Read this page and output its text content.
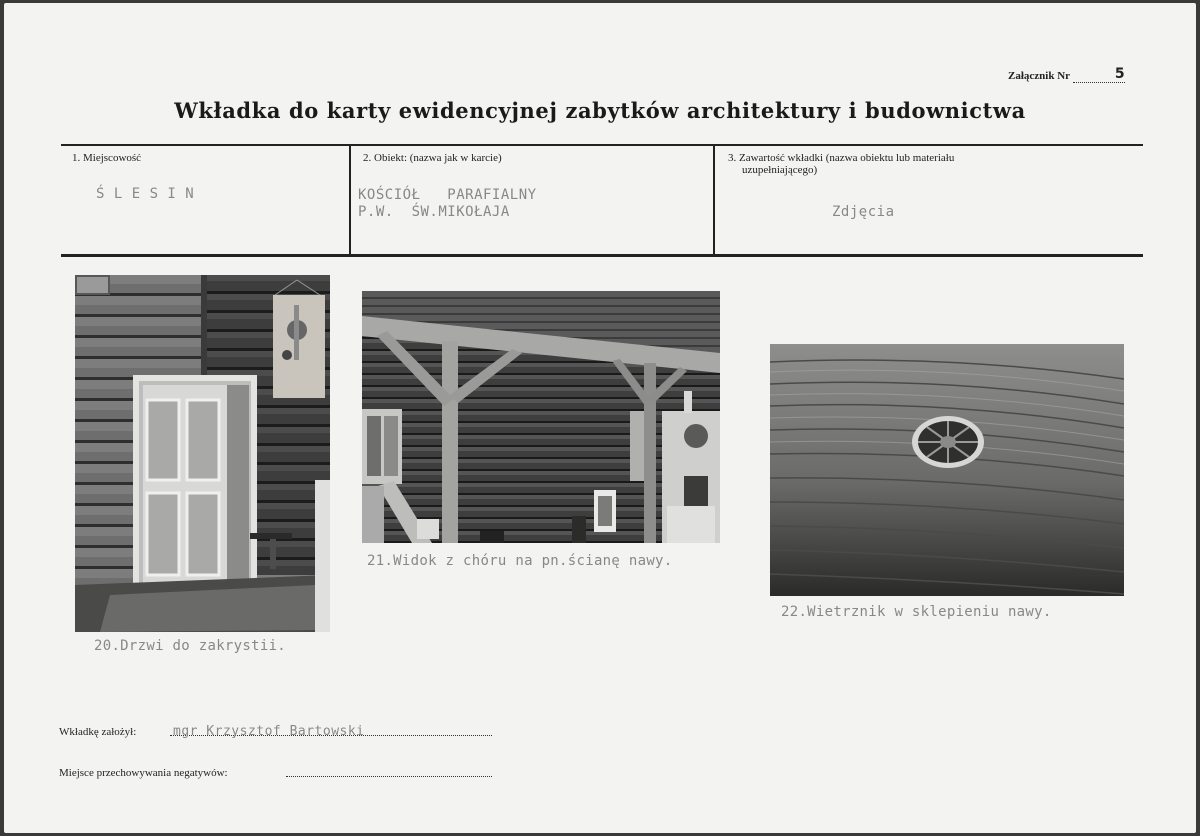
Załącznik Nr	5
Wkładka do karty ewidencyjnej zabytków architektury i budownictwa
1. Miejscowość
Ś L E S I N
2. Obiekt: (nazwa jak w karcie)
KOŚCIÓŁ   PARAFIALNY
P.W.  ŚW.MIKOŁAJA
3. Zawartość wkładki (nazwa obiektu lub materiału
uzupełniającego)
Zdjęcia
20.Drzwi do zakrystii.
21.Widok z chóru na pn.ścianę nawy.
22.Wietrznik w sklepieniu nawy.
Wkładkę założył:	mgr Krzysztof Bartowski
Miejsce przechowywania negatywów:
